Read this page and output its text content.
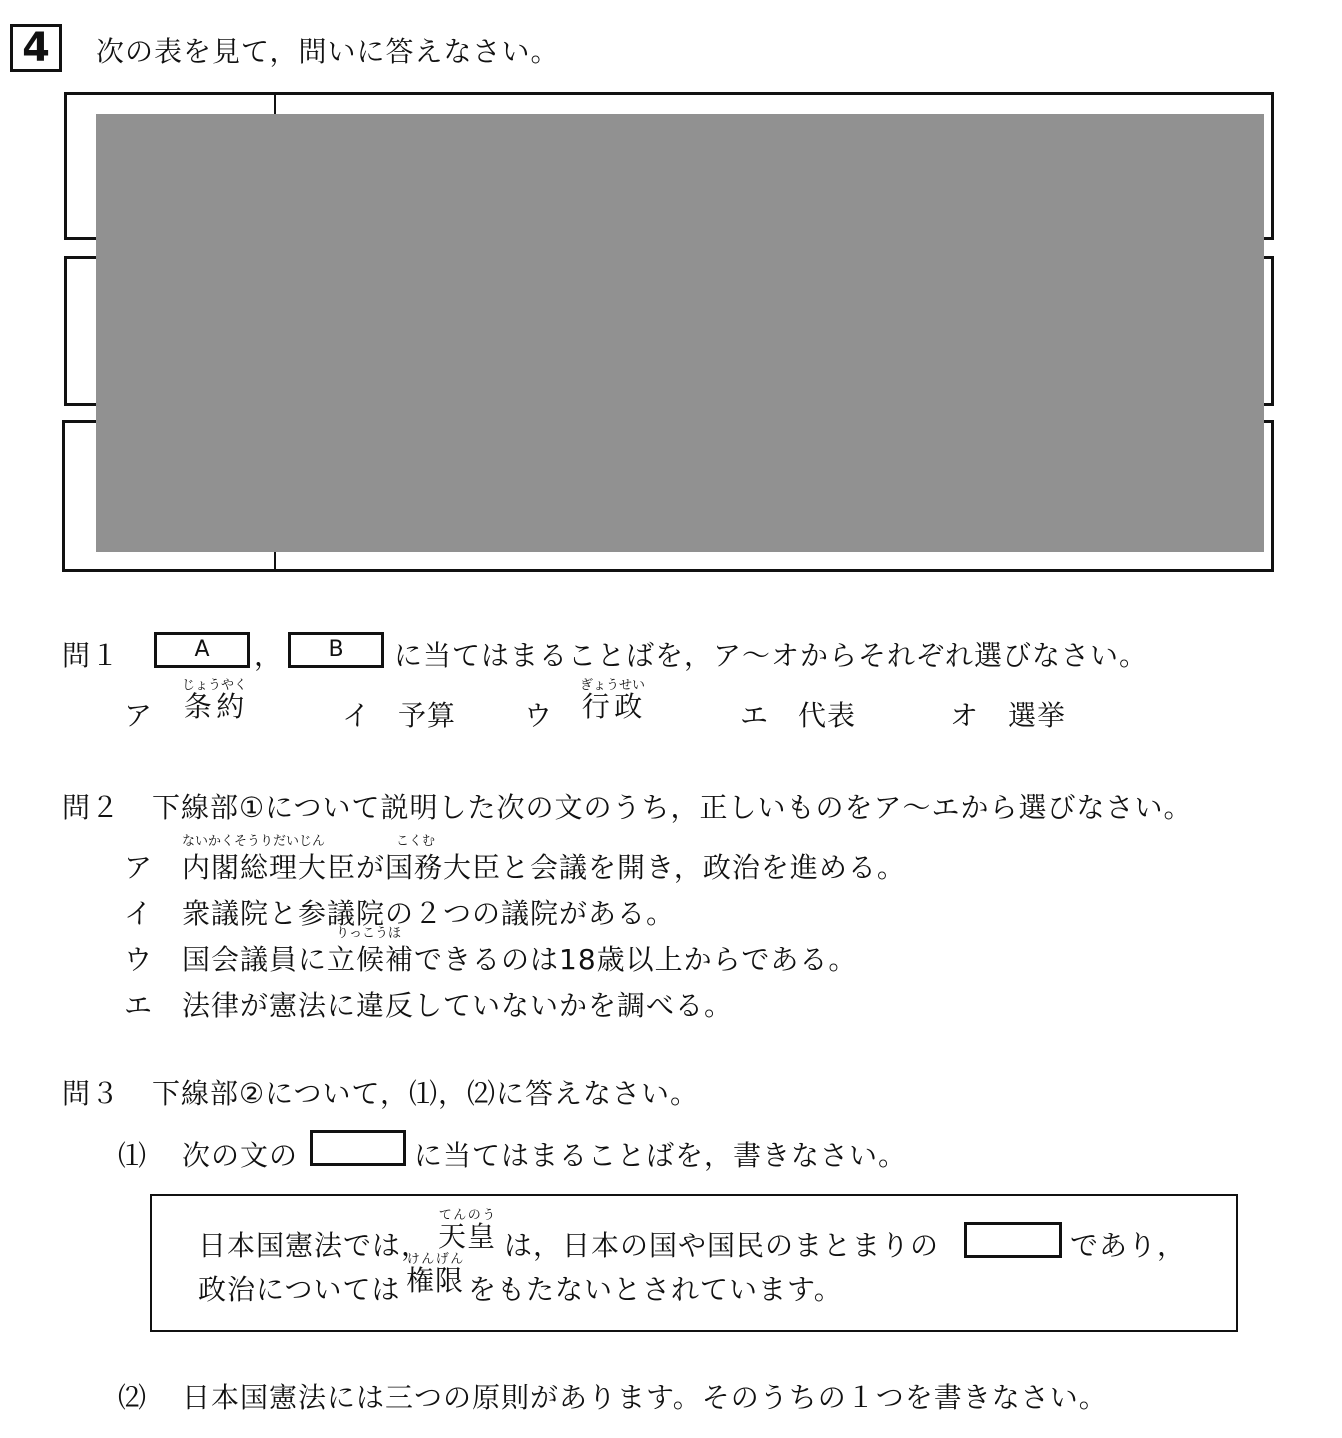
4 次の表を見て，問いに答えなさい。
問１	A	，	B	に当てはまることばを，ア～オからそれぞれ選びなさい。
ア 条約じょうやく
イ 予算 ウ 行政ぎょうせい
エ 代表	オ 選挙
問２ 下線部①について説明した次の文のうち，正しいものをア～エから選びなさい。
ア 内閣総理大臣が国務大臣と会議を開き，政治を進める。
ないかくそうりだいじん	こくむ
イ 衆議院と参議院の２つの議院がある。
ウ 国会議員に立候補できるのは18歳以上からである。
りっこうほ
エ 法律が憲法に違反していないかを調べる。
問３ 下線部②について，⑴，⑵に答えなさい。
⑴ 次の文の	に当てはまることばを，書きなさい。
日本国憲法では， 天皇てんのう
は，日本の国や国民のまとまりの	であり，
政治については 権限けんげん
をもたないとされています。
⑵ 日本国憲法には三つの原則があります。そのうちの１つを書きなさい。
